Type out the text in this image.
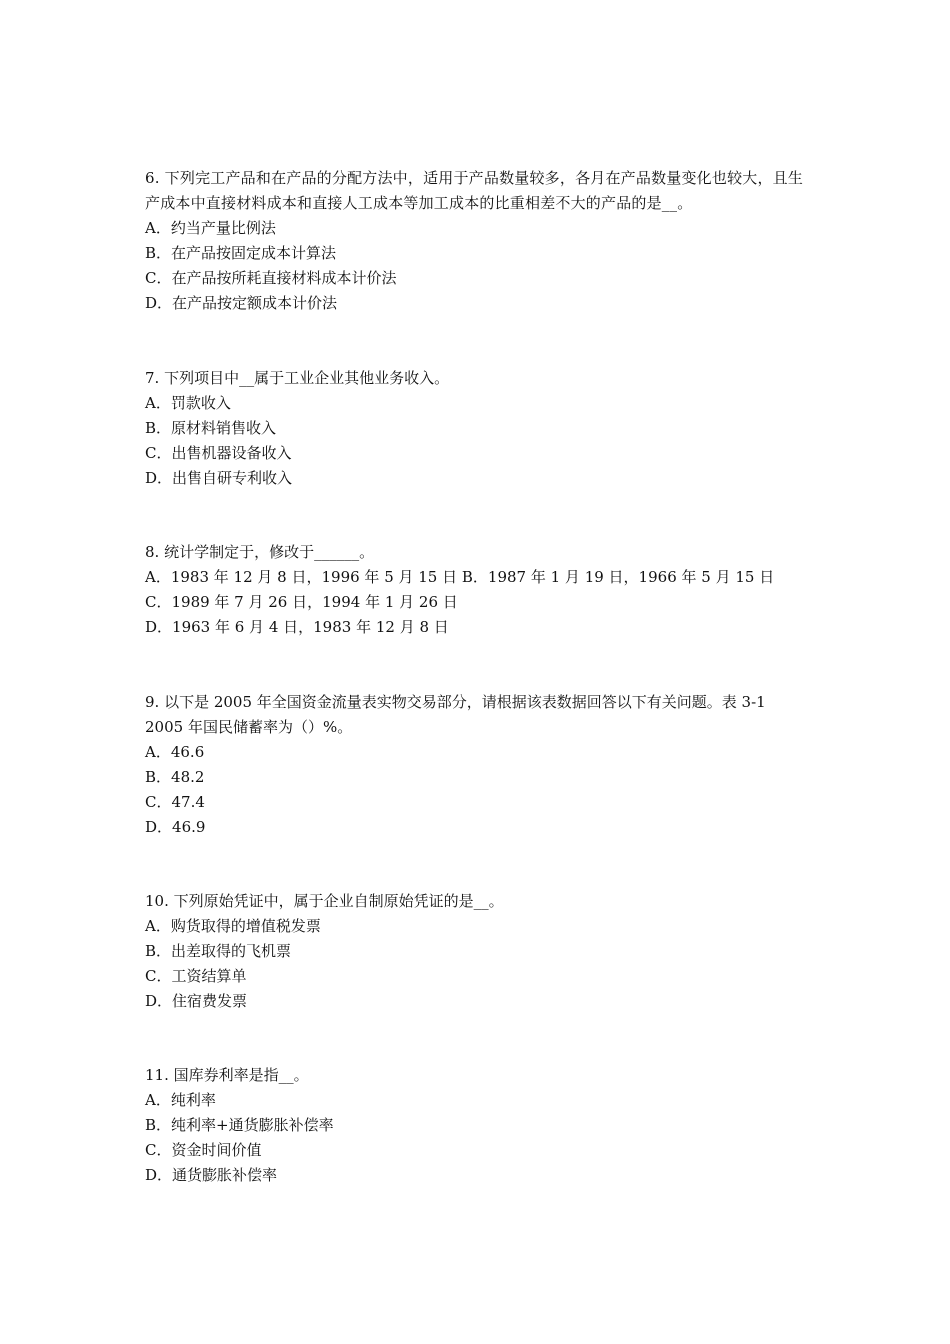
6. 下列完工产品和在产品的分配方法中，适用于产品数量较多，各月在产品数量变化也较大，且生产成本中直接材料成本和直接人工成本等加工成本的比重相差不大的产品的是__。
A．约当产量比例法
B．在产品按固定成本计算法
C．在产品按所耗直接材料成本计价法
D．在产品按定额成本计价法
7. 下列项目中__属于工业企业其他业务收入。
A．罚款收入
B．原材料销售收入
C．出售机器设备收入
D．出售自研专利收入
8. 统计学制定于，修改于______。
A．1983 年 12 月 8 日，1996 年 5 月 15 日 B．1987 年 1 月 19 日，1966 年 5 月 15 日
C．1989 年 7 月 26 日，1994 年 1 月 26 日
D．1963 年 6 月 4 日，1983 年 12 月 8 日
9. 以下是 2005 年全国资金流量表实物交易部分，请根据该表数据回答以下有关问题。表 3-1
2005 年国民储蓄率为（）%。
A．46.6
B．48.2
C．47.4
D．46.9
10. 下列原始凭证中，属于企业自制原始凭证的是__。
A．购货取得的增值税发票
B．出差取得的飞机票
C．工资结算单
D．住宿费发票
11. 国库券利率是指__。
A．纯利率
B．纯利率+通货膨胀补偿率
C．资金时间价值
D．通货膨胀补偿率
